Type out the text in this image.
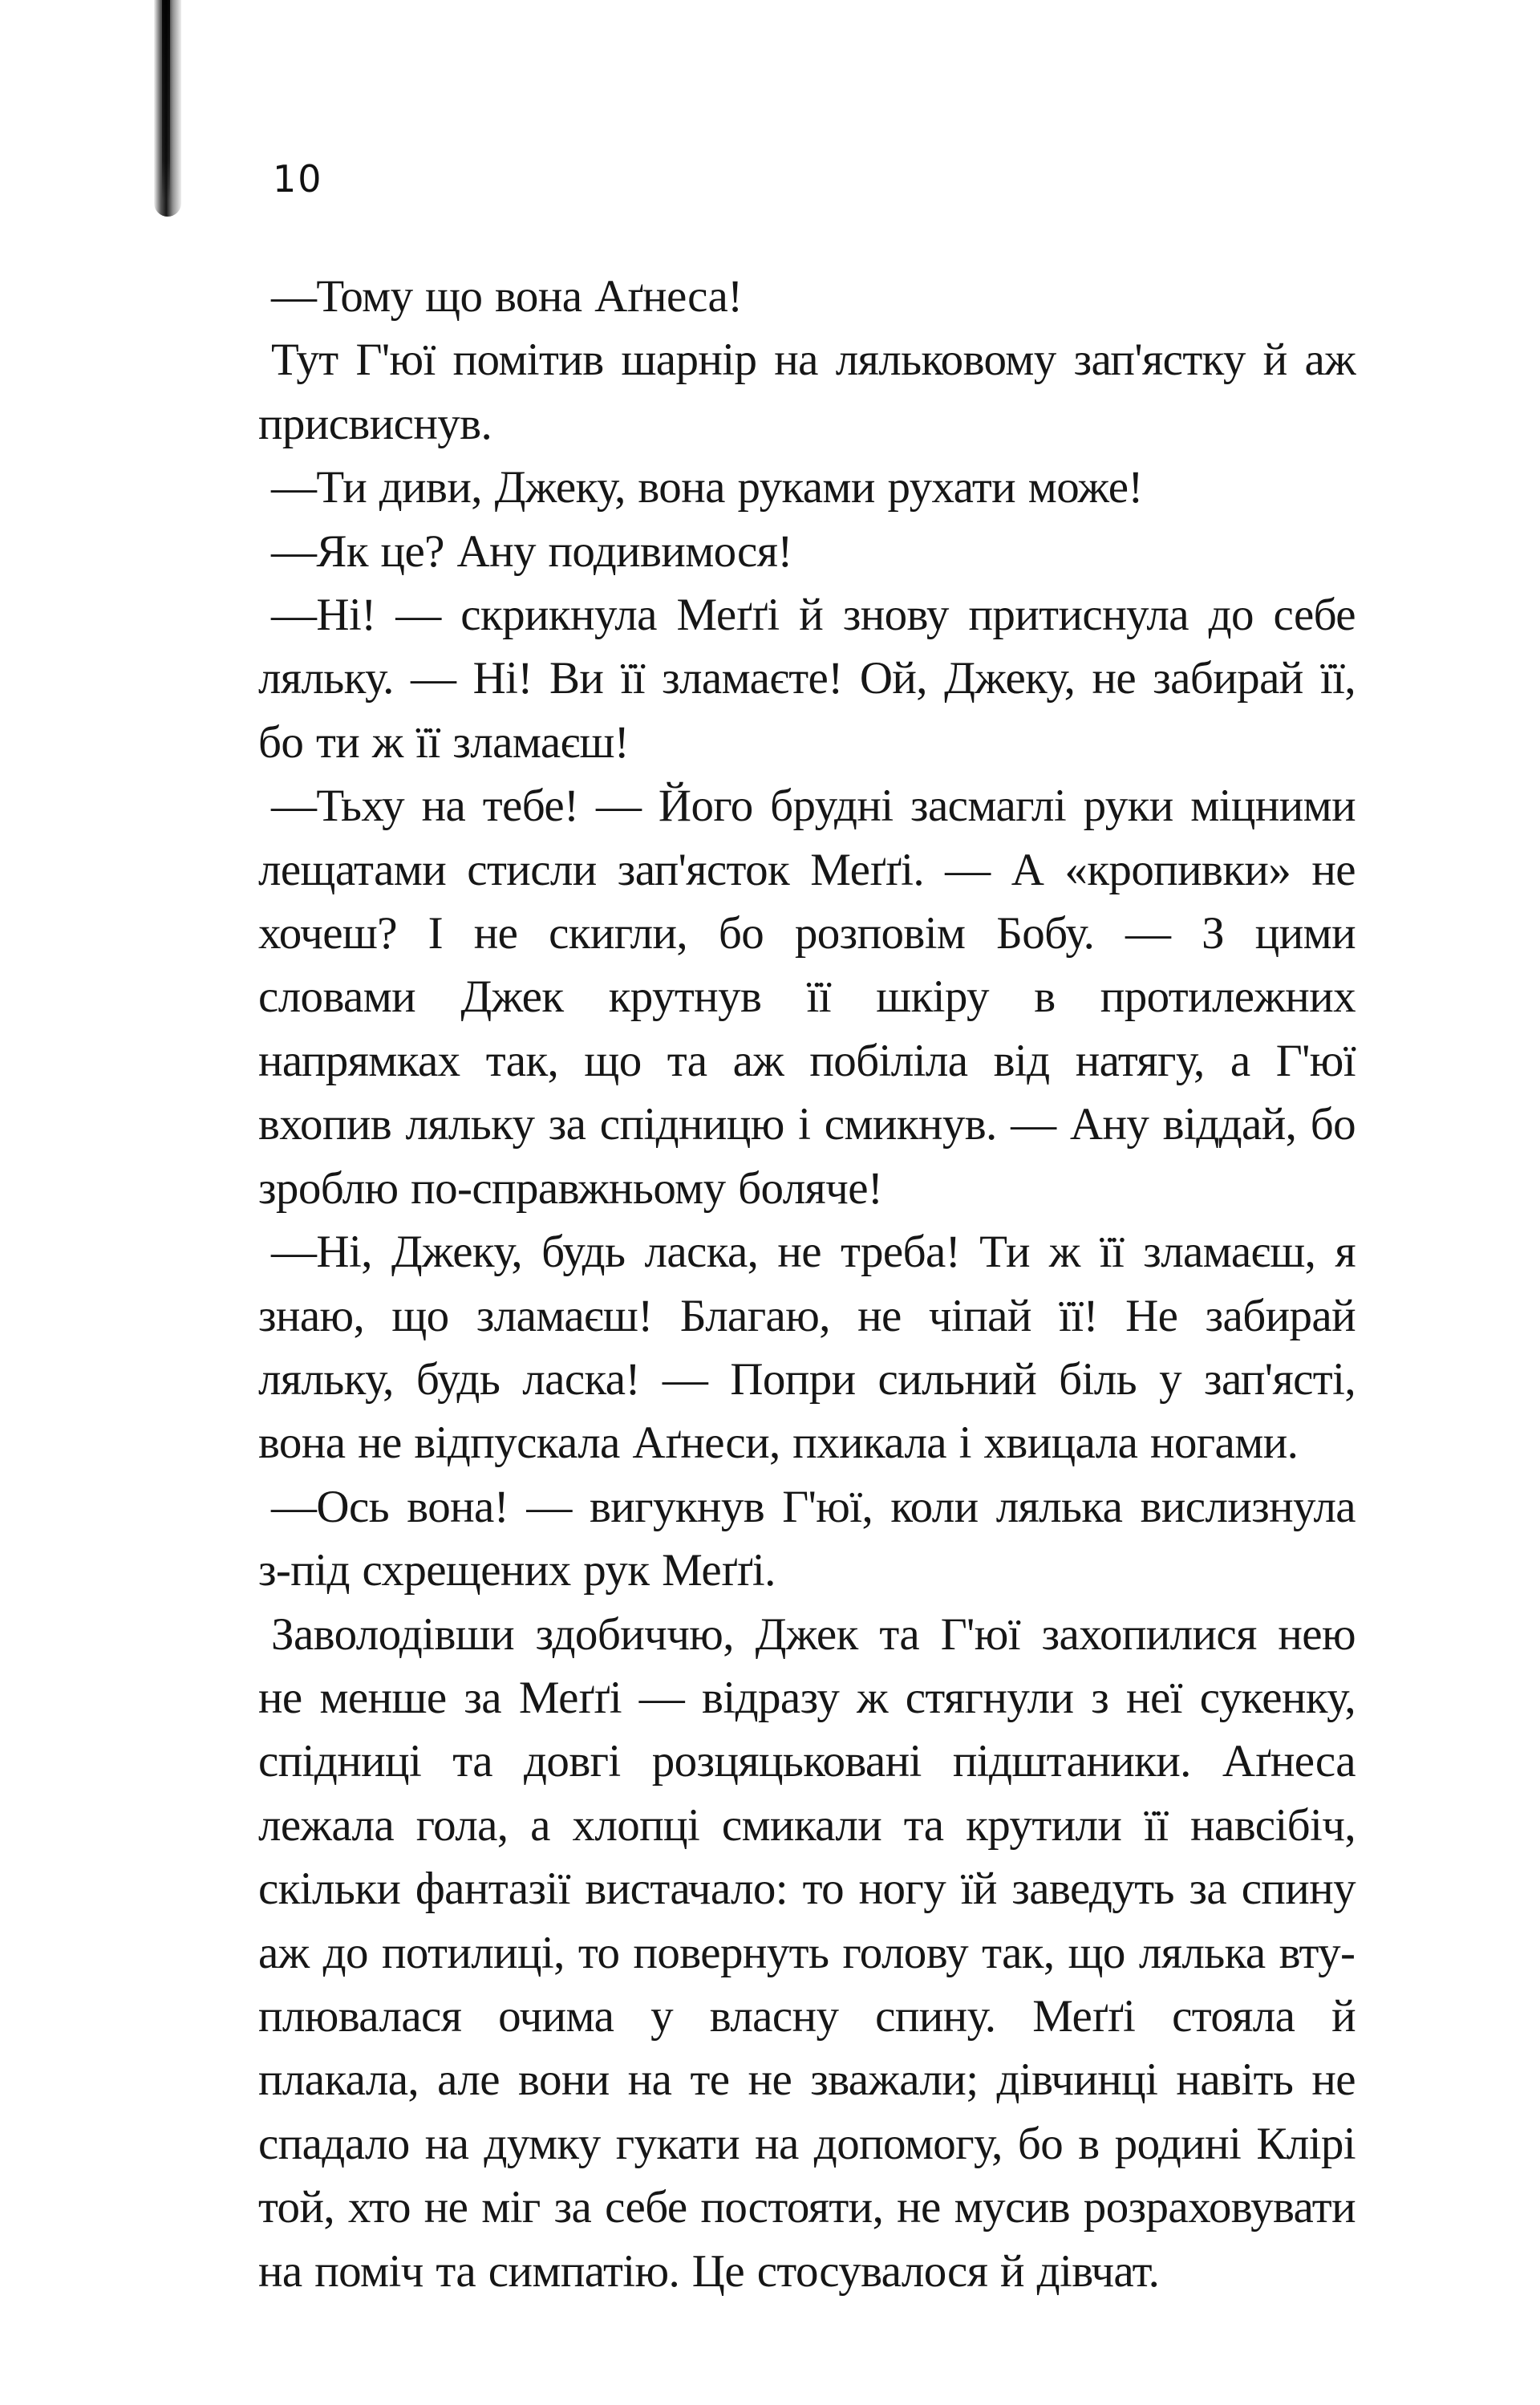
10

—Тому що вона Аґнеса!

Тут Г'юї помітив шарнір на ляльковому зап'ястку й аж присвиснув.

—Ти диви, Джеку, вона руками рухати може!

—Як це? Ану подивимося!

—Ні! — скрикнула Меґґі й знову притиснула до себе ляльку. — Ні! Ви її зламаєте! Ой, Джеку, не забирай її, бо ти ж її зламаєш!

—Тьху на тебе! — Його брудні засмаглі руки міцними лещатами стисли зап'ясток Меґґі. — А «кропивки» не хочеш? І не скигли, бо розповім Бобу. — З цими словами Джек крутнув її шкіру в протилежних напрямках так, що та аж побіліла від натягу, а Г'юї вхопив ляльку за спідницю і смикнув. — Ану віддай, бо зроблю по-справжньому боляче!

—Ні, Джеку, будь ласка, не треба! Ти ж її зламаєш, я знаю, що зламаєш! Благаю, не чіпай її! Не забирай ляльку, будь ласка! — Попри сильний біль у зап'ясті, вона не відпускала Аґнеси, пхикала і хвицала ногами.

—Ось вона! — вигукнув Г'юї, коли лялька вислизнула з-під схрещених рук Меґґі.

Заволодівши здобиччю, Джек та Г'юї захопилися нею не менше за Меґґі — відразу ж стягнули з неї сукенку, спідниці та довгі розцяцьковані підштаники. Аґнеса лежала гола, а хлопці смикали та крутили її навсібіч, скільки фантазії вистачало: то ногу їй заведуть за спину аж до потилиці, то повернуть голову так, що лялька втуплювалася очима у власну спину. Меґґі стояла й плакала, але вони на те не зважали; дівчинці навіть не спадало на думку гукати на допомогу, бо в родині Клірі той, хто не міг за себе постояти, не мусив розраховувати на поміч та симпатію. Це стосувалося й дівчат.
